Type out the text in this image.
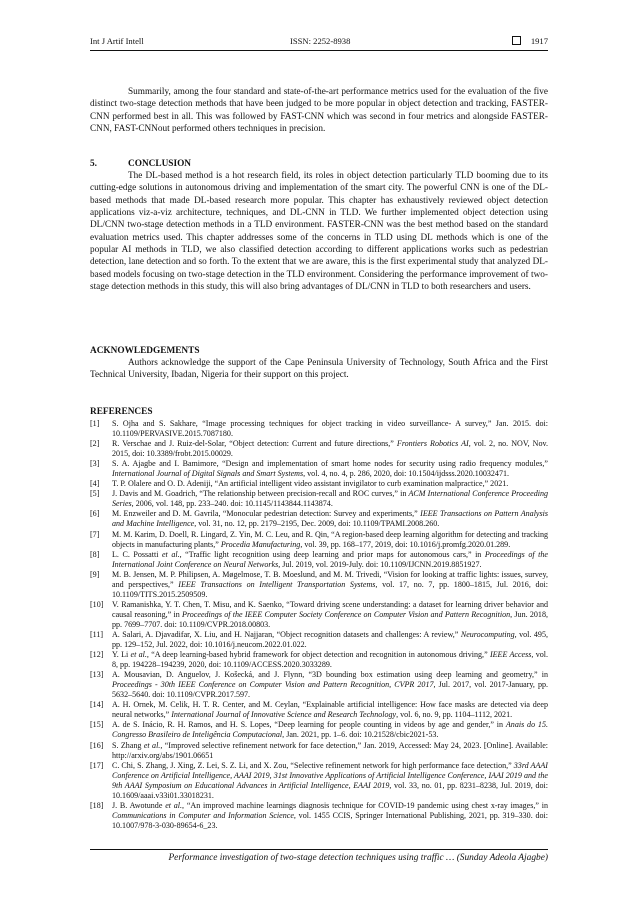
Int J Artif Intell	ISSN: 2252-8938	1917

Summarily, among the four standard and state-of-the-art performance metrics used for the evaluation of the five distinct two-stage detection methods that have been judged to be more popular in object detection and tracking, FASTER-CNN performed best in all. This was followed by FAST-CNN which was second in four metrics and alongside FASTER-CNN, FAST-CNNout performed others techniques in precision.

5.	CONCLUSION

The DL-based method is a hot research field, its roles in object detection particularly TLD booming due to its cutting-edge solutions in autonomous driving and implementation of the smart city. The powerful CNN is one of the DL-based methods that made DL-based research more popular. This chapter has exhaustively reviewed object detection applications viz-a-viz architecture, techniques, and DL-CNN in TLD. We further implemented object detection using DL/CNN two-stage detection methods in a TLD environment. FASTER-CNN was the best method based on the standard evaluation metrics used. This chapter addresses some of the concerns in TLD using DL methods which is one of the popular AI methods in TLD, we also classified detection according to different applications works such as pedestrian detection, lane detection and so forth. To the extent that we are aware, this is the first experimental study that analyzed DL-based models focusing on two-stage detection in the TLD environment. Considering the performance improvement of two-stage detection methods in this study, this will also bring advantages of DL/CNN in TLD to both researchers and users.

ACKNOWLEDGEMENTS

Authors acknowledge the support of the Cape Peninsula University of Technology, South Africa and the First Technical University, Ibadan, Nigeria for their support on this project.

REFERENCES
[1]	S. Ojha and S. Sakhare, “Image processing techniques for object tracking in video surveillance- A survey,” Jan. 2015. doi: 10.1109/PERVASIVE.2015.7087180.
[2]	R. Verschae and J. Ruiz-del-Solar, “Object detection: Current and future directions,” Frontiers Robotics AI, vol. 2, no. NOV, Nov. 2015, doi: 10.3389/frobt.2015.00029.
[3]	S. A. Ajagbe and I. Bamimore, “Design and implementation of smart home nodes for security using radio frequency modules,” International Journal of Digital Signals and Smart Systems, vol. 4, no. 4, p. 286, 2020, doi: 10.1504/ijdsss.2020.10032471.
[4]	T. P. Olalere and O. D. Adeniji, “An artificial intelligent video assistant invigilator to curb examination malpractice,” 2021.
[5]	J. Davis and M. Goadrich, “The relationship between precision-recall and ROC curves,” in ACM International Conference Proceeding Series, 2006, vol. 148, pp. 233–240. doi: 10.1145/1143844.1143874.
[6]	M. Enzweiler and D. M. Gavrila, “Monocular pedestrian detection: Survey and experiments,” IEEE Transactions on Pattern Analysis and Machine Intelligence, vol. 31, no. 12, pp. 2179–2195, Dec. 2009, doi: 10.1109/TPAMI.2008.260.
[7]	M. M. Karim, D. Doell, R. Lingard, Z. Yin, M. C. Leu, and R. Qin, “A region-based deep learning algorithm for detecting and tracking objects in manufacturing plants,” Procedia Manufacturing, vol. 39, pp. 168–177, 2019, doi: 10.1016/j.promfg.2020.01.289.
[8]	L. C. Possatti et al., “Traffic light recognition using deep learning and prior maps for autonomous cars,” in Proceedings of the International Joint Conference on Neural Networks, Jul. 2019, vol. 2019-July. doi: 10.1109/IJCNN.2019.8851927.
[9]	M. B. Jensen, M. P. Philipsen, A. Møgelmose, T. B. Moeslund, and M. M. Trivedi, “Vision for looking at traffic lights: issues, survey, and perspectives,” IEEE Transactions on Intelligent Transportation Systems, vol. 17, no. 7, pp. 1800–1815, Jul. 2016, doi: 10.1109/TITS.2015.2509509.
[10]	V. Ramanishka, Y. T. Chen, T. Misu, and K. Saenko, “Toward driving scene understanding: a dataset for learning driver behavior and causal reasoning,” in Proceedings of the IEEE Computer Society Conference on Computer Vision and Pattern Recognition, Jun. 2018, pp. 7699–7707. doi: 10.1109/CVPR.2018.00803.
[11]	A. Salari, A. Djavadifar, X. Liu, and H. Najjaran, “Object recognition datasets and challenges: A review,” Neurocomputing, vol. 495, pp. 129–152, Jul. 2022, doi: 10.1016/j.neucom.2022.01.022.
[12]	Y. Li et al., “A deep learning-based hybrid framework for object detection and recognition in autonomous driving,” IEEE Access, vol. 8, pp. 194228–194239, 2020, doi: 10.1109/ACCESS.2020.3033289.
[13]	A. Mousavian, D. Anguelov, J. Košecká, and J. Flynn, “3D bounding box estimation using deep learning and geometry,” in Proceedings - 30th IEEE Conference on Computer Vision and Pattern Recognition, CVPR 2017, Jul. 2017, vol. 2017-January, pp. 5632–5640. doi: 10.1109/CVPR.2017.597.
[14]	A. H. Ornek, M. Celik, H. T. R. Center, and M. Ceylan, “Explainable artificial intelligence: How face masks are detected via deep neural networks,” International Journal of Innovative Science and Research Technology, vol. 6, no. 9, pp. 1104–1112, 2021.
[15]	A. de S. Inácio, R. H. Ramos, and H. S. Lopes, “Deep learning for people counting in videos by age and gender,” in Anais do 15. Congresso Brasileiro de Inteligência Computacional, Jan. 2021, pp. 1–6. doi: 10.21528/cbic2021-53.
[16]	S. Zhang et al., “Improved selective refinement network for face detection,” Jan. 2019, Accessed: May 24, 2023. [Online]. Available: http://arxiv.org/abs/1901.06651
[17]	C. Chi, S. Zhang, J. Xing, Z. Lei, S. Z. Li, and X. Zou, “Selective refinement network for high performance face detection,” 33rd AAAI Conference on Artificial Intelligence, AAAI 2019, 31st Innovative Applications of Artificial Intelligence Conference, IAAI 2019 and the 9th AAAI Symposium on Educational Advances in Artificial Intelligence, EAAI 2019, vol. 33, no. 01, pp. 8231–8238, Jul. 2019, doi: 10.1609/aaai.v33i01.33018231.
[18]	J. B. Awotunde et al., “An improved machine learnings diagnosis technique for COVID-19 pandemic using chest x-ray images,” in Communications in Computer and Information Science, vol. 1455 CCIS, Springer International Publishing, 2021, pp. 319–330. doi: 10.1007/978-3-030-89654-6_23.
Performance investigation of two-stage detection techniques using traffic … (Sunday Adeola Ajagbe)
